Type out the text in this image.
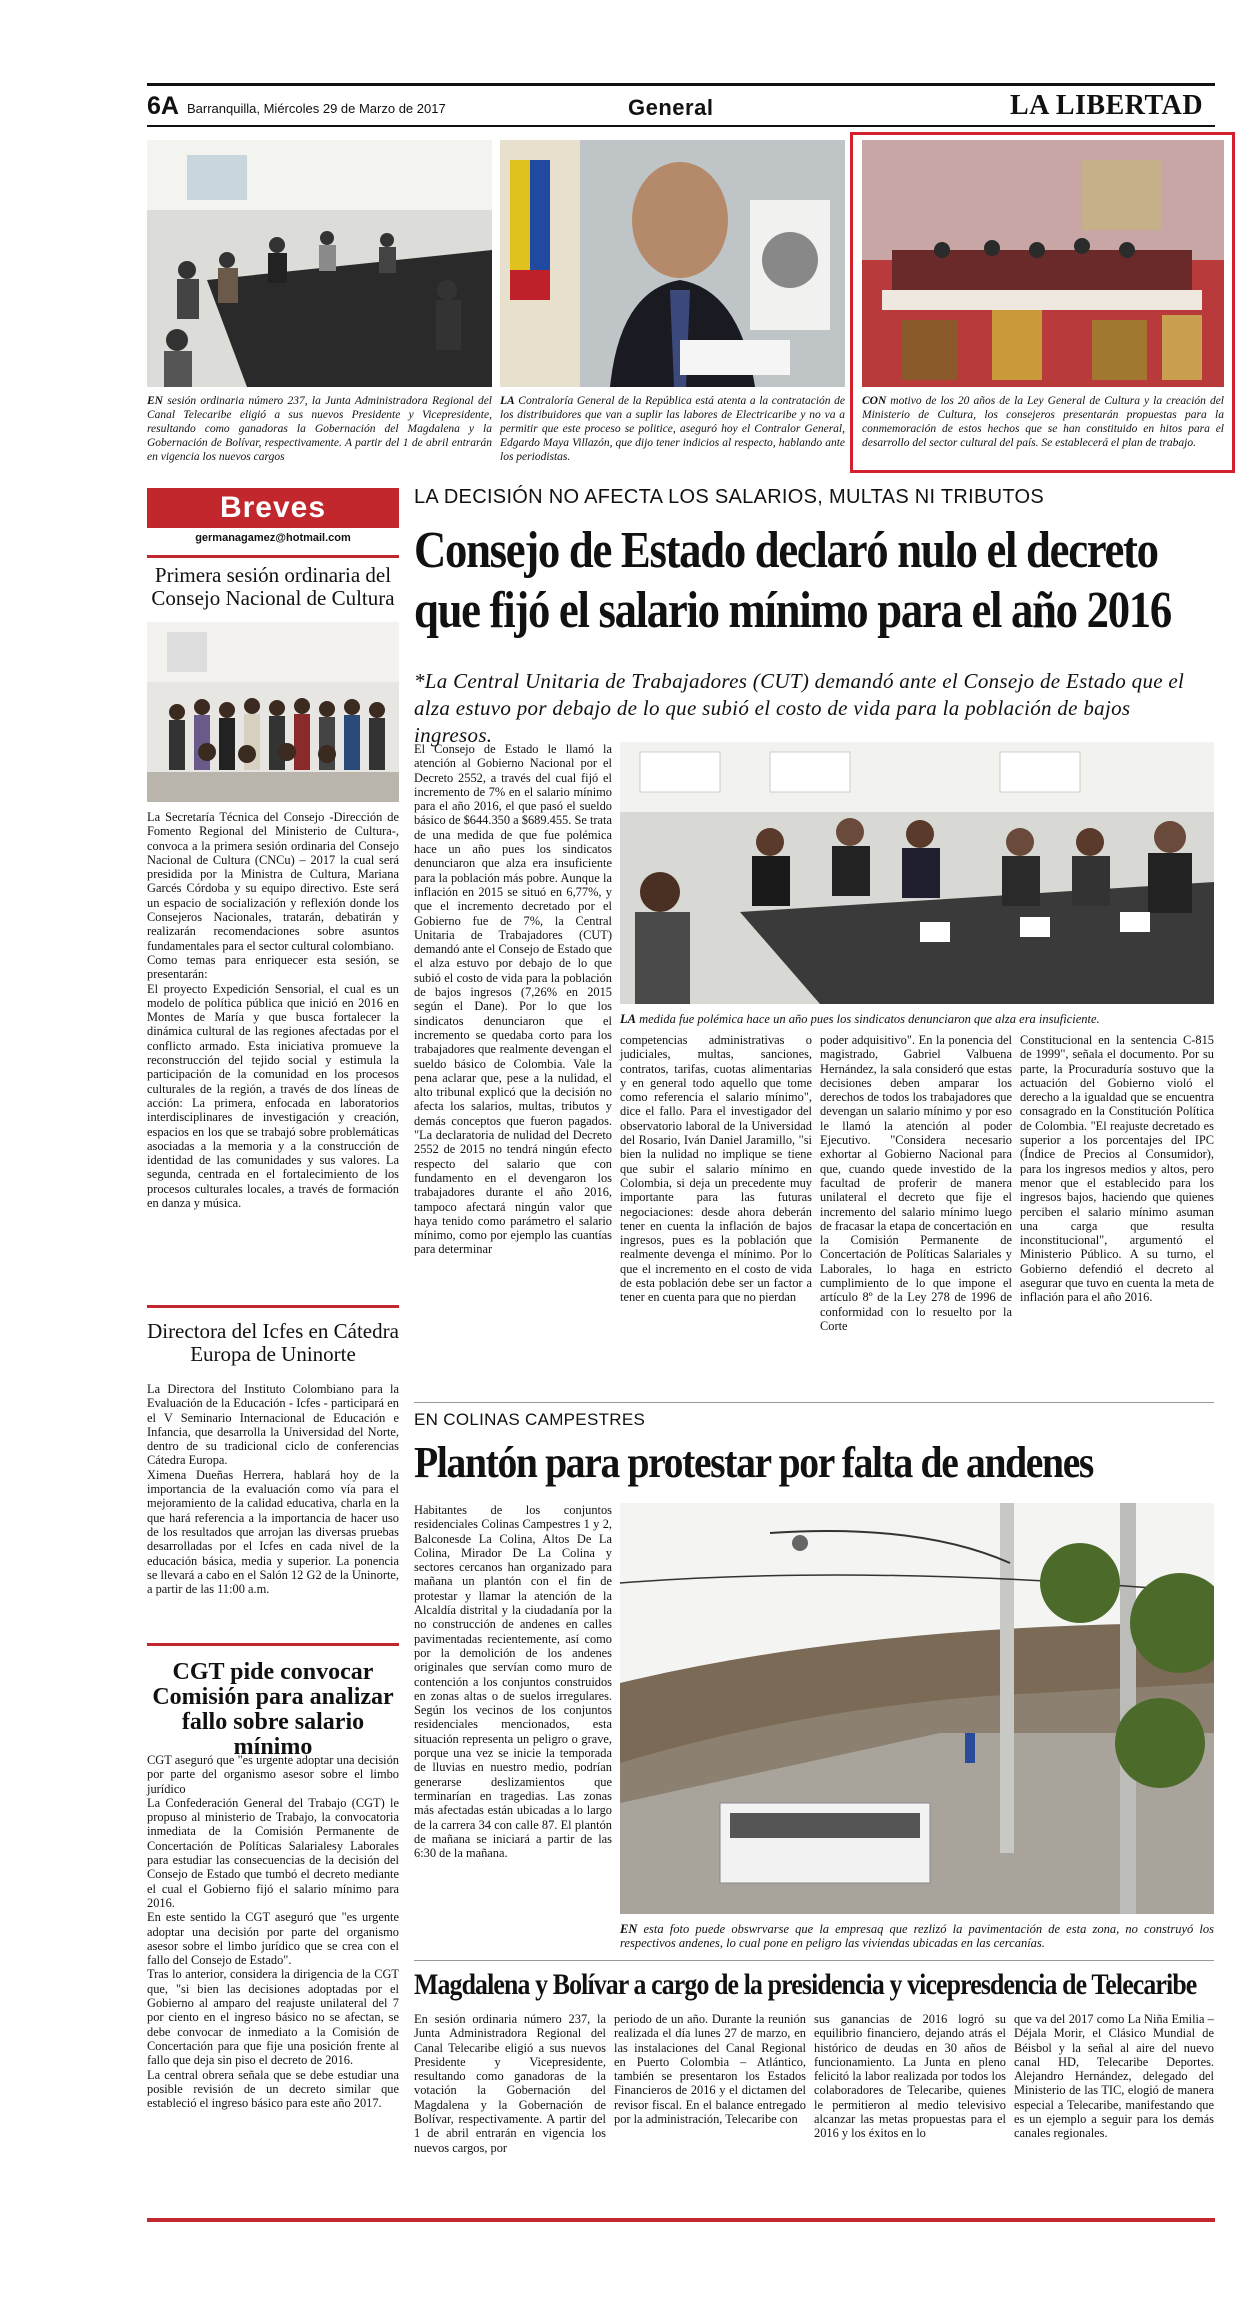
6A Barranquilla, Miércoles 29 de Marzo de 2017	General	LA LIBERTAD
EN sesión ordinaria número 237, la Junta Administradora Regional del Canal Telecaribe eligió a sus nuevos Presidente y Vicepresidente, resultando como ganadoras la Gobernación del Magdalena y la Gobernación de Bolívar, respectivamente. A partir del 1 de abril entrarán en vigencia los nuevos cargos
LA Contraloría General de la República está atenta a la contratación de los distribuidores que van a suplir las labores de Electricaribe y no va a permitir que este proceso se politice, aseguró hoy el Contralor General, Edgardo Maya Villazón, que dijo tener indicios al respecto, hablando ante los periodistas.
CON motivo de los 20 años de la Ley General de Cultura y la creación del Ministerio de Cultura, los consejeros presentarán propuestas para la conmemoración de estos hechos que se han constituido en hitos para el desarrollo del sector cultural del país. Se establecerá el plan de trabajo.
Breves
germanagamez@hotmail.com
Primera sesión ordinaria del Consejo Nacional de Cultura

La Secretaría Técnica del Consejo -Dirección de Fomento Regional del Ministerio de Cultura-, convoca a la primera sesión ordinaria del Consejo Nacional de Cultura (CNCu) – 2017 la cual será presidida por la Ministra de Cultura, Mariana Garcés Córdoba y su equipo directivo. Este será un espacio de socialización y reflexión donde los Consejeros Nacionales, tratarán, debatirán y realizarán recomendaciones sobre asuntos fundamentales para el sector cultural colombiano.

Como temas para enriquecer esta sesión, se presentarán:

El proyecto Expedición Sensorial, el cual es un modelo de política pública que inició en 2016 en Montes de María y que busca fortalecer la dinámica cultural de las regiones afectadas por el conflicto armado. Esta iniciativa promueve la reconstrucción del tejido social y estimula la participación de la comunidad en los procesos culturales de la región, a través de dos líneas de acción: La primera, enfocada en laboratorios interdisciplinares de investigación y creación, espacios en los que se trabajó sobre problemáticas asociadas a la memoria y a la construcción de identidad de las comunidades y sus valores. La segunda, centrada en el fortalecimiento de los procesos culturales locales, a través de formación en danza y música.

Directora del Icfes en Cátedra Europa de Uninorte

La Directora del Instituto Colombiano para la Evaluación de la Educación - Icfes - participará en el V Seminario Internacional de Educación e Infancia, que desarrolla la Universidad del Norte, dentro de su tradicional ciclo de conferencias Cátedra Europa.

Ximena Dueñas Herrera, hablará hoy de la importancia de la evaluación como vía para el mejoramiento de la calidad educativa, charla en la que hará referencia a la importancia de hacer uso de los resultados que arrojan las diversas pruebas desarrolladas por el Icfes en cada nivel de la educación básica, media y superior. La ponencia se llevará a cabo en el Salón 12 G2 de la Uninorte, a partir de las 11:00 a.m.

CGT pide convocar Comisión para analizar fallo sobre salario mínimo

CGT aseguró que "es urgente adoptar una decisión por parte del organismo asesor sobre el limbo jurídico

La Confederación General del Trabajo (CGT) le propuso al ministerio de Trabajo, la convocatoria inmediata de la Comisión Permanente de Concertación de Políticas Salarialesy Laborales para estudiar las consecuencias de la decisión del Consejo de Estado que tumbó el decreto mediante el cual el Gobierno fijó el salario mínimo para 2016.

En este sentido la CGT aseguró que "es urgente adoptar una decisión por parte del organismo asesor sobre el limbo jurídico que se crea con el fallo del Consejo de Estado".

Tras lo anterior, considera la dirigencia de la CGT que, "si bien las decisiones adoptadas por el Gobierno al amparo del reajuste unilateral del 7 por ciento en el ingreso básico no se afectan, se debe convocar de inmediato a la Comisión de Concertación para que fije una posición frente al fallo que deja sin piso el decreto de 2016.

La central obrera señala que se debe estudiar una posible revisión de un decreto similar que estableció el ingreso básico para este año 2017.

LA DECISIÓN NO AFECTA LOS SALARIOS, MULTAS NI TRIBUTOS
Consejo de Estado declaró nulo el decreto
que fijó el salario mínimo para el año 2016
*La Central Unitaria de Trabajadores (CUT) demandó ante el Consejo de Estado que el alza estuvo por debajo de lo que subió el costo de vida para la población de bajos ingresos.
LA medida fue polémica hace un año pues los sindicatos denunciaron que alza era insuficiente.
El Consejo de Estado le llamó la atención al Gobierno Nacional por el Decreto 2552, a través del cual fijó el incremento de 7% en el salario mínimo para el año 2016, el que pasó el sueldo básico de $644.350 a $689.455. Se trata de una medida de que fue polémica hace un año pues los sindicatos denunciaron que alza era insuficiente para la población más pobre. Aunque la inflación en 2015 se situó en 6,77%, y que el incremento decretado por el Gobierno fue de 7%, la Central Unitaria de Trabajadores (CUT) demandó ante el Consejo de Estado que el alza estuvo por debajo de lo que subió el costo de vida para la población de bajos ingresos (7,26% en 2015 según el Dane). Por lo que los sindicatos denunciaron que el incremento se quedaba corto para los trabajadores que realmente devengan el sueldo básico de Colombia. Vale la pena aclarar que, pese a la nulidad, el alto tribunal explicó que la decisión no afecta los salarios, multas, tributos y demás conceptos que fueron pagados. "La declaratoria de nulidad del Decreto 2552 de 2015 no tendrá ningún efecto respecto del salario que con fundamento en el devengaron los trabajadores durante el año 2016, tampoco afectará ningún valor que haya tenido como parámetro el salario mínimo, como por ejemplo las cuantías para determinar
competencias administrativas o judiciales, multas, sanciones, contratos, tarifas, cuotas alimentarias y en general todo aquello que tome como referencia el salario mínimo", dice el fallo. Para el investigador del observatorio laboral de la Universidad del Rosario, Iván Daniel Jaramillo, "si bien la nulidad no implique se tiene que subir el salario mínimo en Colombia, si deja un precedente muy importante para las futuras negociaciones: desde ahora deberán tener en cuenta la inflación de bajos ingresos, pues es la población que realmente devenga el mínimo. Por lo que el incremento en el costo de vida de esta población debe ser un factor a tener en cuenta para que no pierdan
poder adquisitivo". En la ponencia del magistrado, Gabriel Valbuena Hernández, la sala consideró que estas decisiones deben amparar los derechos de todos los trabajadores que devengan un salario mínimo y por eso le llamó la atención al poder Ejecutivo. "Considera necesario exhortar al Gobierno Nacional para que, cuando quede investido de la facultad de proferir de manera unilateral el decreto que fije el incremento del salario mínimo luego de fracasar la etapa de concertación en la Comisión Permanente de Concertación de Políticas Salariales y Laborales, lo haga en estricto cumplimiento de lo que impone el artículo 8º de la Ley 278 de 1996 de conformidad con lo resuelto por la Corte
Constitucional en la sentencia C-815 de 1999", señala el documento. Por su parte, la Procuraduría sostuvo que la actuación del Gobierno violó el derecho a la igualdad que se encuentra consagrado en la Constitución Política de Colombia. "El reajuste decretado es superior a los porcentajes del IPC (Índice de Precios al Consumidor), para los ingresos medios y altos, pero menor que el establecido para los ingresos bajos, haciendo que quienes perciben el salario mínimo asuman una carga que resulta inconstitucional", argumentó el Ministerio Público. A su turno, el Gobierno defendió el decreto al asegurar que tuvo en cuenta la meta de inflación para el año 2016.
EN COLINAS CAMPESTRES
Plantón para protestar por falta de andenes
Habitantes de los conjuntos residenciales Colinas Campestres 1 y 2, Balconesde La Colina, Altos De La Colina, Mirador De La Colina y sectores cercanos han organizado para mañana un plantón con el fin de protestar y llamar la atención de la Alcaldía distrital y la ciudadanía por la no construcción de andenes en calles pavimentadas recientemente, así como por la demolición de los andenes originales que servían como muro de contención a los conjuntos construidos en zonas altas o de suelos irregulares. Según los vecinos de los conjuntos residenciales mencionados, esta situación representa un peligro o grave, porque una vez se inicie la temporada de lluvias en nuestro medio, podrían generarse deslizamientos que terminarían en tragedias. Las zonas más afectadas están ubicadas a lo largo de la carrera 34 con calle 87. El plantón de mañana se iniciará a partir de las 6:30 de la mañana.
EN esta foto puede obswrvarse que la empresaq que rezlizó la pavimentación de esta zona, no construyó los respectivos andenes, lo cual pone en peligro las viviendas ubicadas en las cercanías.
Magdalena y Bolívar a cargo de la presidencia y vicepresdencia de Telecaribe
En sesión ordinaria número 237, la Junta Administradora Regional del Canal Telecaribe eligió a sus nuevos Presidente y Vicepresidente, resultando como ganadoras de la votación la Gobernación del Magdalena y la Gobernación de Bolívar, respectivamente. A partir del 1 de abril entrarán en vigencia los nuevos cargos, por
periodo de un año. Durante la reunión realizada el día lunes 27 de marzo, en las instalaciones del Canal Regional en Puerto Colombia – Atlántico, también se presentaron los Estados Financieros de 2016 y el dictamen del revisor fiscal. En el balance entregado por la administración, Telecaribe con
sus ganancias de 2016 logró su equilibrio financiero, dejando atrás el histórico de deudas en 30 años de funcionamiento. La Junta en pleno felicitó la labor realizada por todos los colaboradores de Telecaribe, quienes le permitieron al medio televisivo alcanzar las metas propuestas para el 2016 y los éxitos en lo
que va del 2017 como La Niña Emilia – Déjala Morir, el Clásico Mundial de Béisbol y la señal al aire del nuevo canal HD, Telecaribe Deportes. Alejandro Hernández, delegado del Ministerio de las TIC, elogió de manera especial a Telecaribe, manifestando que es un ejemplo a seguir para los demás canales regionales.
